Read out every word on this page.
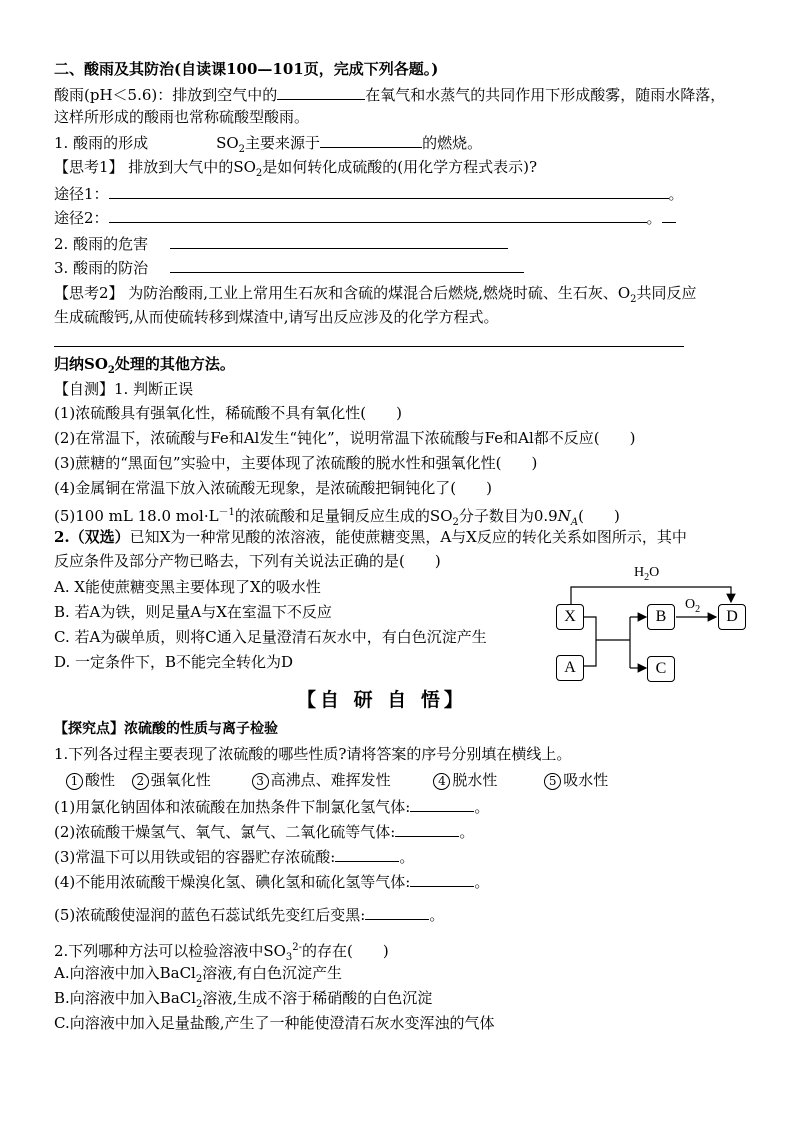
二、酸雨及其防治(自读课100—101页，完成下列各题。)
酸雨(pH＜5.6)：排放到空气中的	在氧气和水蒸气的共同作用下形成酸雾，随雨水降落，
这样所形成的酸雨也常称硫酸型酸雨。
1. 酸雨的形成	$SO_2$主要来源于	的燃烧。
【思考1】 排放到大气中的$SO_2$是如何转化成硫酸的(用化学方程式表示)?
途径1：	。
途径2：	。
2. 酸雨的危害
3. 酸雨的防治
【思考2】 为防治酸雨,工业上常用生石灰和含硫的煤混合后燃烧,燃烧时硫、生石灰、$O_2$共同反应
生成硫酸钙,从而使硫转移到煤渣中,请写出反应涉及的化学方程式。
归纳$SO_2$处理的其他方法。
【自测】1. 判断正误
(1)浓硫酸具有强氧化性，稀硫酸不具有氧化性(　　)
(2)在常温下，浓硫酸与Fe和Al发生“钝化”，说明常温下浓硫酸与Fe和Al都不反应(　　)
(3)蔗糖的“黑面包”实验中，主要体现了浓硫酸的脱水性和强氧化性(　　)
(4)金属铜在常温下放入浓硫酸无现象，是浓硫酸把铜钝化了(　　)
(5)100 mL 18.0 $mol\cdot L^{-1}$的浓硫酸和足量铜反应生成的$SO_2$分子数目为$0.9N_A$(　　)
2.（双选）已知X为一种常见酸的浓溶液，能使蔗糖变黑，A与X反应的转化关系如图所示，其中
反应条件及部分产物已略去，下列有关说法正确的是(　　)
A. X能使蔗糖变黑主要体现了X的吸水性
B. 若A为铁，则足量A与X在室温下不反应
C. 若A为碳单质，则将C通入足量澄清石灰水中，有白色沉淀产生
D. 一定条件下，B不能完全转化为D
X
A
B
C
D
$H_2O$
$O_2$
【自 研 自 悟】
【探究点】浓硫酸的性质与离子检验
1.下列各过程主要表现了浓硫酸的哪些性质?请将答案的序号分别填在横线上。
1 酸性 2 强氧化性	3 高沸点、难挥发性	4 脱水性	5 吸水性
(1)用氯化钠固体和浓硫酸在加热条件下制氯化氢气体:	。
(2)浓硫酸干燥氢气、氧气、氯气、二氧化硫等气体:	。
(3)常温下可以用铁或铝的容器贮存浓硫酸:	。
(4)不能用浓硫酸干燥溴化氢、碘化氢和硫化氢等气体:	。
(5)浓硫酸使湿润的蓝色石蕊试纸先变红后变黑:	。
2.下列哪种方法可以检验溶液中$SO_3^{2-}$的存在(　　)
A.向溶液中加入BaCl$_2$溶液,有白色沉淀产生
B.向溶液中加入BaCl$_2$溶液,生成不溶于稀硝酸的白色沉淀
C.向溶液中加入足量盐酸,产生了一种能使澄清石灰水变浑浊的气体
